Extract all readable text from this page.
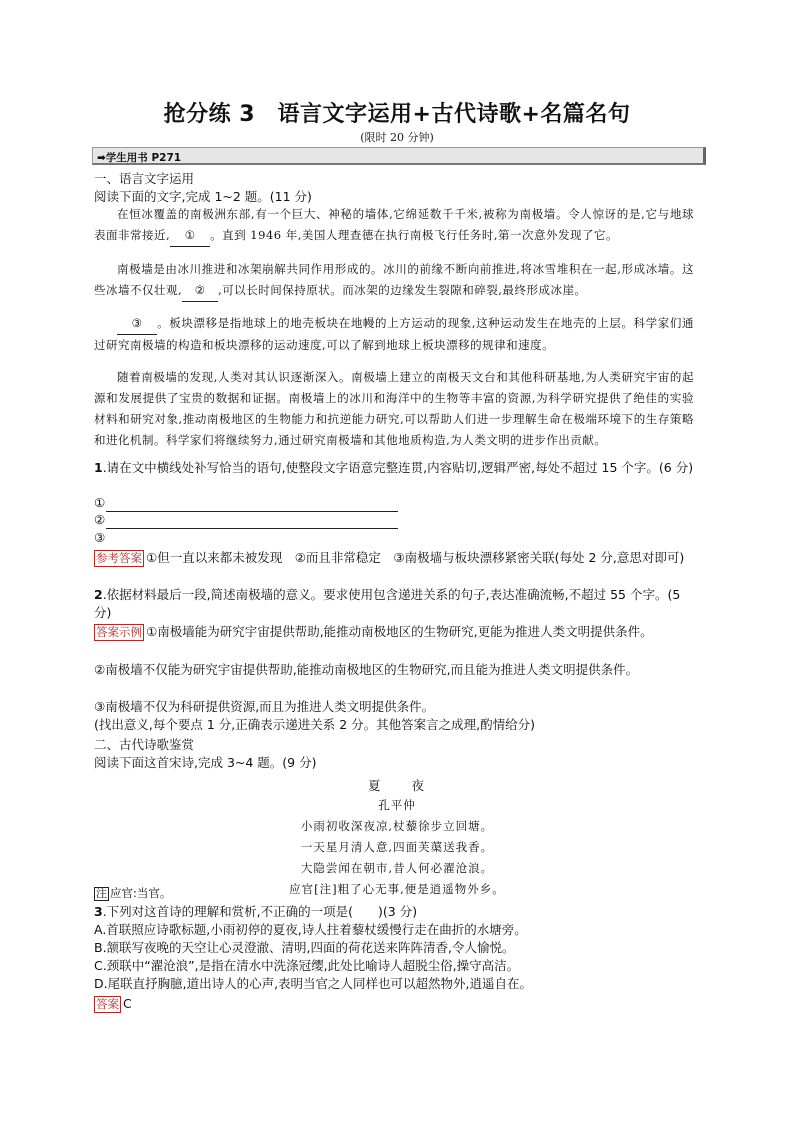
抢分练 3　语言文字运用+古代诗歌+名篇名句
(限时 20 分钟)
➡学生用书 P271
一、语言文字运用
阅读下面的文字,完成 1~2 题。(11 分)
在恒冰覆盖的南极洲东部,有一个巨大、神秘的墙体,它绵延数千千米,被称为南极墙。令人惊讶的是,它与地球表面非常接近, ① 。直到 1946 年,美国人理查德在执行南极飞行任务时,第一次意外发现了它。
南极墙是由冰川推进和冰架崩解共同作用形成的。冰川的前缘不断向前推进,将冰雪堆积在一起,形成冰墙。这些冰墙不仅壮观, ② ,可以长时间保持原状。而冰架的边缘发生裂隙和碎裂,最终形成冰崖。
③ 。板块漂移是指地球上的地壳板块在地幔的上方运动的现象,这种运动发生在地壳的上层。科学家们通过研究南极墙的构造和板块漂移的运动速度,可以了解到地球上板块漂移的规律和速度。
随着南极墙的发现,人类对其认识逐渐深入。南极墙上建立的南极天文台和其他科研基地,为人类研究宇宙的起源和发展提供了宝贵的数据和证据。南极墙上的冰川和海洋中的生物等丰富的资源,为科学研究提供了绝佳的实验材料和研究对象,推动南极地区的生物能力和抗逆能力研究,可以帮助人们进一步理解生命在极端环境下的生存策略和进化机制。科学家们将继续努力,通过研究南极墙和其他地质构造,为人类文明的进步作出贡献。
1.请在文中横线处补写恰当的语句,使整段文字语意完整连贯,内容贴切,逻辑严密,每处不超过 15 个字。(6 分)
①
②
③
参考答案 ①但一直以来都未被发现　②而且非常稳定　③南极墙与板块漂移紧密关联(每处 2 分,意思对即可)
2.依据材料最后一段,简述南极墙的意义。要求使用包含递进关系的句子,表达准确流畅,不超过 55 个字。(5 分)
答案示例 ①南极墙能为研究宇宙提供帮助,能推动南极地区的生物研究,更能为推进人类文明提供条件。
②南极墙不仅能为研究宇宙提供帮助,能推动南极地区的生物研究,而且能为推进人类文明提供条件。
③南极墙不仅为科研提供资源,而且为推进人类文明提供条件。
(找出意义,每个要点 1 分,正确表示递进关系 2 分。其他答案言之成理,酌情给分)
二、古代诗歌鉴赏
阅读下面这首宋诗,完成 3~4 题。(9 分)
夏　　夜
孔平仲
小雨初收深夜凉,杖藜徐步立回塘。
一天星月清人意,四面芙蕖送我香。
大隐尝闻在朝市,昔人何必濯沧浪。
应官[注]粗了心无事,便是逍遥物外乡。
注 应官:当官。
3.下列对这首诗的理解和赏析,不正确的一项是(　　)(3 分)
A.首联照应诗歌标题,小雨初停的夏夜,诗人拄着藜杖缓慢行走在曲折的水塘旁。
B.颔联写夜晚的天空让心灵澄澈、清明,四面的荷花送来阵阵清香,令人愉悦。
C.颈联中“濯沧浪”,是指在清水中洗涤冠缨,此处比喻诗人超脱尘俗,操守高洁。
D.尾联直抒胸臆,道出诗人的心声,表明当官之人同样也可以超然物外,逍遥自在。
答案 C
